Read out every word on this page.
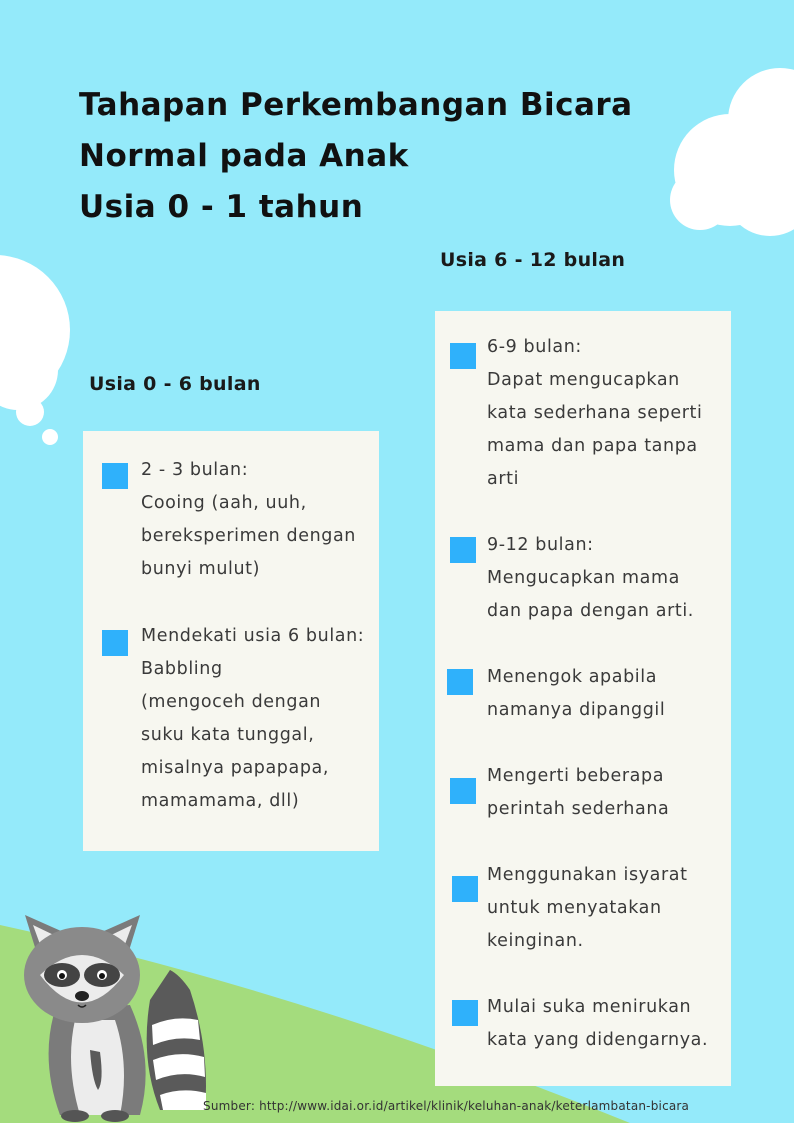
Tahapan Perkembangan Bicara
Normal pada Anak
Usia 0 - 1 tahun
Usia 0 - 6 bulan
Usia 6 - 12 bulan
2 - 3 bulan:
Cooing (aah, uuh,
bereksperimen dengan
bunyi mulut)
Mendekati usia 6 bulan:
Babbling
(mengoceh dengan
suku kata tunggal,
misalnya papapapa,
mamamama, dll)
6-9 bulan:
Dapat mengucapkan
kata sederhana seperti
mama dan papa tanpa
arti
9-12 bulan:
Mengucapkan mama
dan papa dengan arti.
Menengok apabila
namanya dipanggil
Mengerti beberapa
perintah sederhana
Menggunakan isyarat
untuk menyatakan
keinginan.
Mulai suka menirukan
kata yang didengarnya.
Sumber: http://www.idai.or.id/artikel/klinik/keluhan-anak/keterlambatan-bicara
